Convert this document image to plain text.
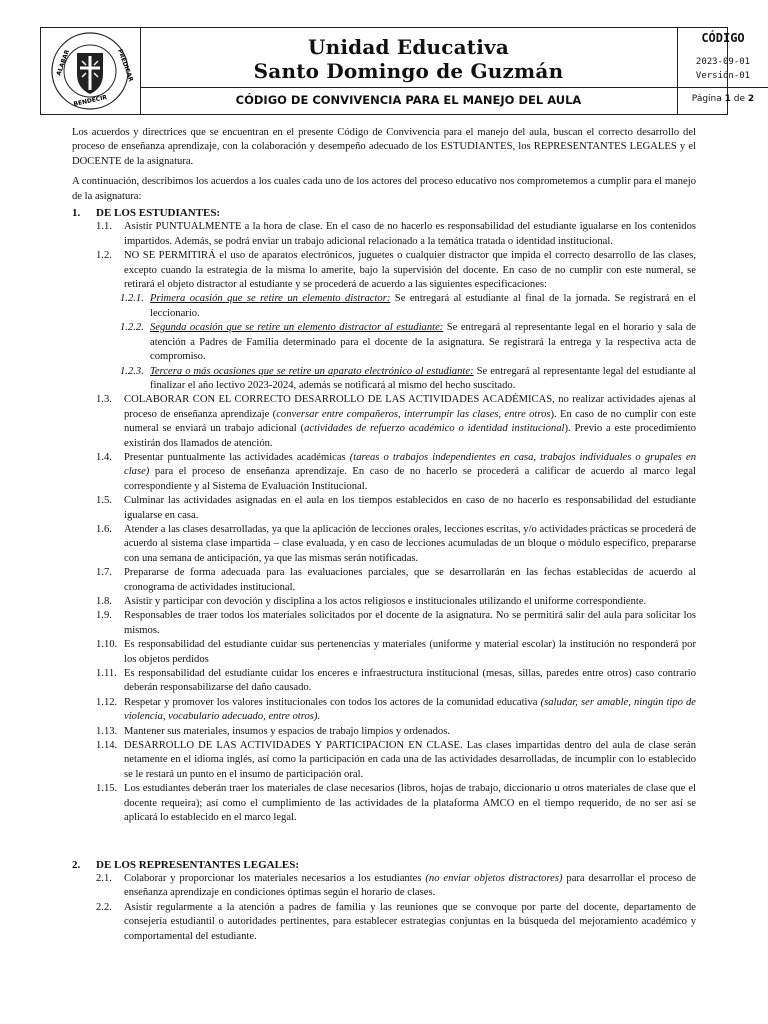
ALABAR	PREDICAR
BENDECIR
Unidad Educativa
Santo Domingo de Guzmán
CÓDIGO DE CONVIVENCIA PARA EL MANEJO DEL AULA
CÓDIGO
2023-09-01
Versión-01
Página 1 de 2

Los acuerdos y directrices que se encuentran en el presente Código de Convivencia para el manejo del aula, buscan el correcto desarrollo del proceso de enseñanza aprendizaje, con la colaboración y desempeño adecuado de los ESTUDIANTES, los REPRESENTANTES LEGALES y el DOCENTE de la asignatura.

A continuación, describimos los acuerdos a los cuales cada uno de los actores del proceso educativo nos comprometemos a cumplir para el manejo de la asignatura:

1.	DE LOS ESTUDIANTES:
1.1.	Asistir PUNTUALMENTE a la hora de clase. En el caso de no hacerlo es responsabilidad del estudiante igualarse en los contenidos impartidos. Además, se podrá enviar un trabajo adicional relacionado a la temática tratada o identidad institucional.
1.2.	NO SE PERMITIRÁ el uso de aparatos electrónicos, juguetes o cualquier distractor que impida el correcto desarrollo de las clases, excepto cuando la estrategia de la misma lo amerite, bajo la supervisión del docente. En caso de no cumplir con este numeral, se retirará el objeto distractor al estudiante y se procederá de acuerdo a las siguientes especificaciones:
1.2.1. Primera ocasión que se retire un elemento distractor: Se entregará al estudiante al final de la jornada. Se registrará en el leccionario.
1.2.2. Segunda ocasión que se retire un elemento distractor al estudiante: Se entregará al representante legal en el horario y sala de atención a Padres de Familia determinado para el docente de la asignatura. Se registrará la entrega y la respectiva acta de compromiso.
1.2.3. Tercera o más ocasiones que se retire un aparato electrónico al estudiante: Se entregará al representante legal del estudiante al finalizar el año lectivo 2023-2024, además se notificará al mismo del hecho suscitado.
1.3.	COLABORAR CON EL CORRECTO DESARROLLO DE LAS ACTIVIDADES ACADÉMICAS, no realizar actividades ajenas al proceso de enseñanza aprendizaje (conversar entre compañeros, interrumpir las clases, entre otros). En caso de no cumplir con este numeral se enviará un trabajo adicional (actividades de refuerzo académico o identidad institucional). Previo a este procedimiento existirán dos llamados de atención.
1.4.	Presentar puntualmente las actividades académicas (tareas o trabajos independientes en casa, trabajos individuales o grupales en clase) para el proceso de enseñanza aprendizaje. En caso de no hacerlo se procederá a calificar de acuerdo al marco legal correspondiente y al Sistema de Evaluación Institucional.
1.5.	Culminar las actividades asignadas en el aula en los tiempos establecidos en caso de no hacerlo es responsabilidad del estudiante igualarse en casa.
1.6.	Atender a las clases desarrolladas, ya que la aplicación de lecciones orales, lecciones escritas, y/o actividades prácticas se procederá de acuerdo al sistema clase impartida – clase evaluada, y en caso de lecciones acumuladas de un bloque o módulo específico, prepararse con una semana de anticipación, ya que las mismas serán notificadas.
1.7.	Prepararse de forma adecuada para las evaluaciones parciales, que se desarrollarán en las fechas establecidas de acuerdo al cronograma de actividades institucional.
1.8.	Asistir y participar con devoción y disciplina a los actos religiosos e institucionales utilizando el uniforme correspondiente.
1.9.	Responsables de traer todos los materiales solicitados por el docente de la asignatura. No se permitirá salir del aula para solicitar los mismos.
1.10. Es responsabilidad del estudiante cuidar sus pertenencias y materiales (uniforme y material escolar) la institución no responderá por los objetos perdidos
1.11. Es responsabilidad del estudiante cuidar los enceres e infraestructura institucional (mesas, sillas, paredes entre otros) caso contrario deberán responsabilizarse del daño causado.
1.12. Respetar y promover los valores institucionales con todos los actores de la comunidad educativa (saludar, ser amable, ningún tipo de violencia, vocabulario adecuado, entre otros).
1.13. Mantener sus materiales, insumos y espacios de trabajo limpios y ordenados.
1.14. DESARROLLO DE LAS ACTIVIDADES Y PARTICIPACION EN CLASE. Las clases impartidas dentro del aula de clase serán netamente en el idioma inglés, así como la participación en cada una de las actividades desarrolladas, de incumplir con lo establecido se le restará un punto en el insumo de participación oral.
1.15. Los estudiantes deberán traer los materiales de clase necesarios (libros, hojas de trabajo, diccionario u otros materiales de clase que el docente requeira); así como el cumplimiento de las actividades de la plataforma AMCO en el tiempo requerido, de no ser así se aplicará lo establecido en el marco legal.
2.	DE LOS REPRESENTANTES LEGALES:
2.1.	Colaborar y proporcionar los materiales necesarios a los estudiantes (no enviar objetos distractores) para desarrollar el proceso de enseñanza aprendizaje en condiciones óptimas según el horario de clases.
2.2.	Asistir regularmente a la atención a padres de familia y las reuniones que se convoque por parte del docente, departamento de consejería estudiantil o autoridades pertinentes, para establecer estrategias conjuntas en la búsqueda del mejoramiento académico y comportamental del estudiante.
